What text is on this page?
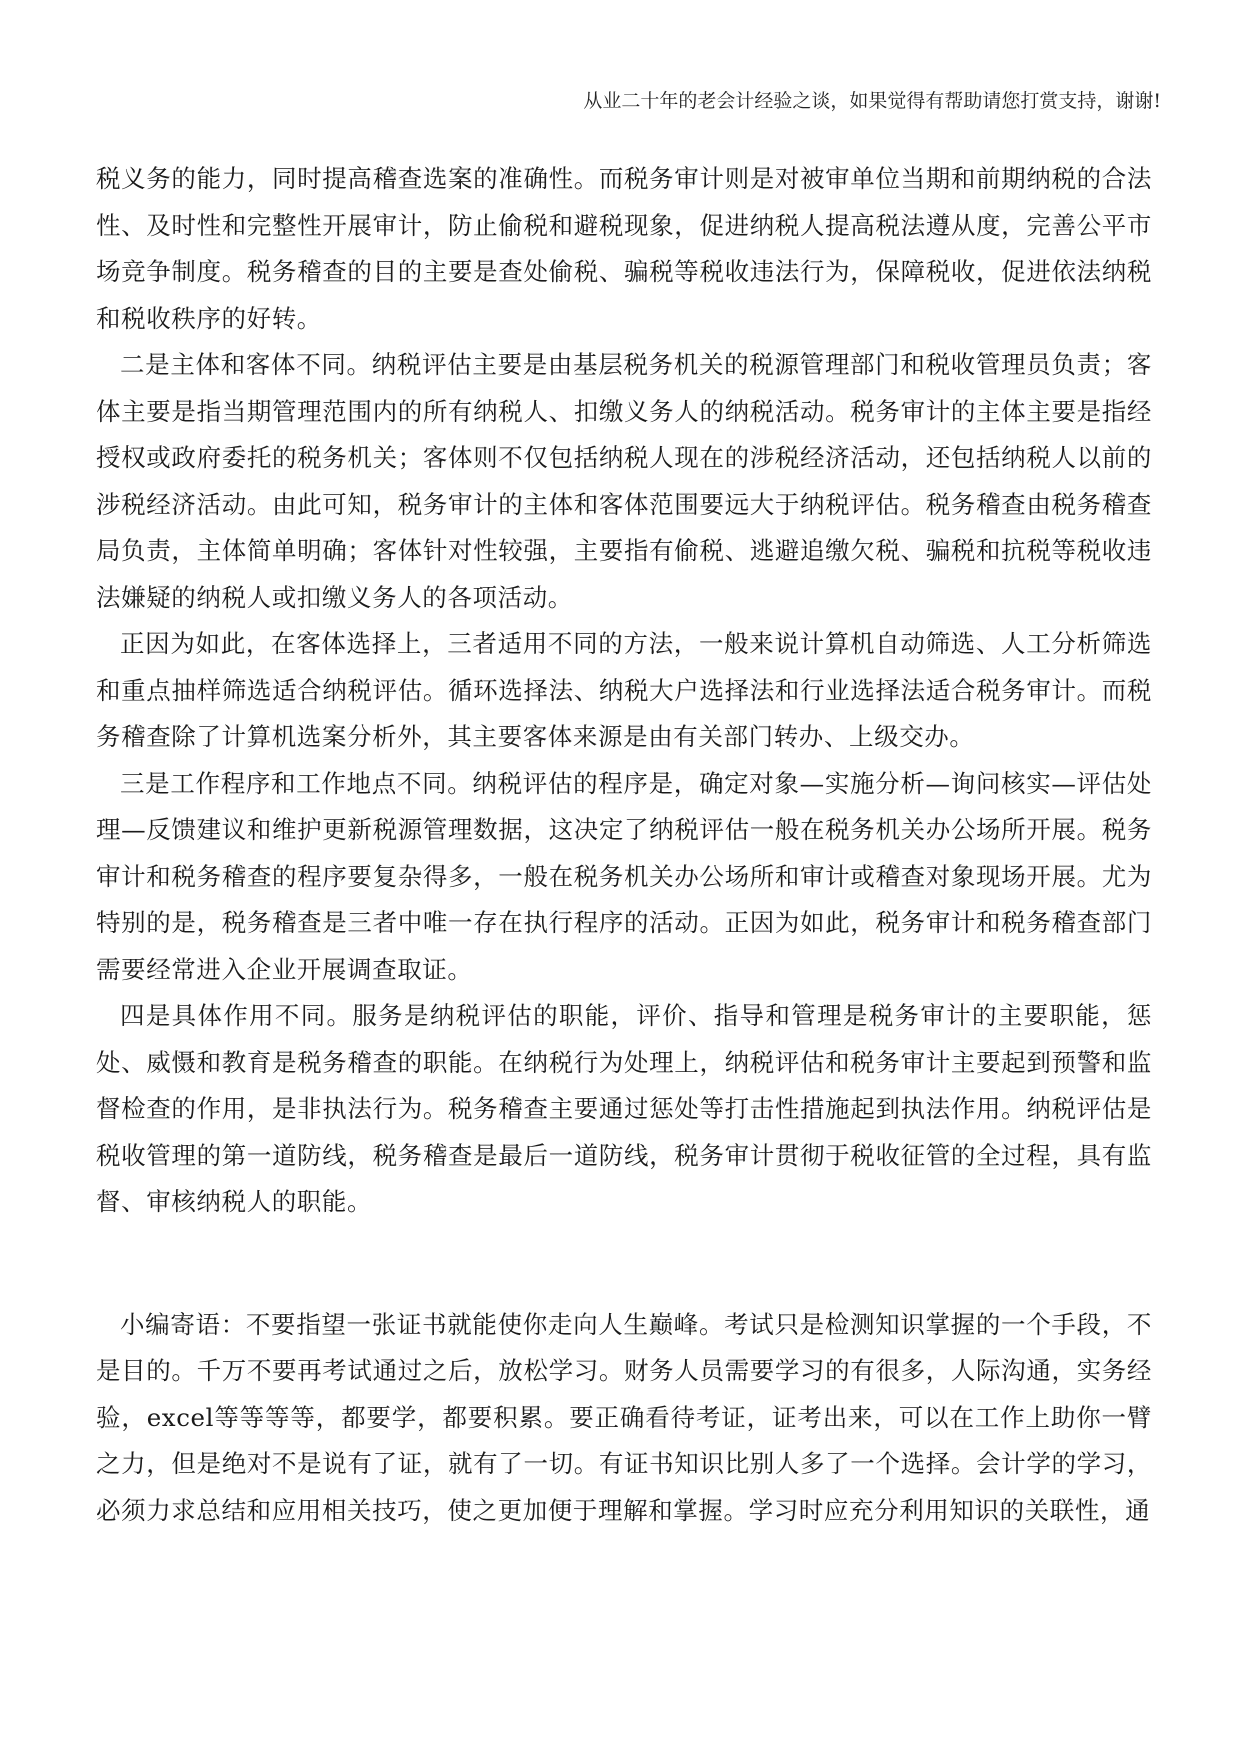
从业二十年的老会计经验之谈，如果觉得有帮助请您打赏支持，谢谢!

税义务的能力，同时提高稽查选案的准确性。而税务审计则是对被审单位当期和前期纳税的合法性、及时性和完整性开展审计，防止偷税和避税现象，促进纳税人提高税法遵从度，完善公平市场竞争制度。税务稽查的目的主要是查处偷税、骗税等税收违法行为，保障税收，促进依法纳税和税收秩序的好转。

二是主体和客体不同。纳税评估主要是由基层税务机关的税源管理部门和税收管理员负责；客体主要是指当期管理范围内的所有纳税人、扣缴义务人的纳税活动。税务审计的主体主要是指经授权或政府委托的税务机关；客体则不仅包括纳税人现在的涉税经济活动，还包括纳税人以前的涉税经济活动。由此可知，税务审计的主体和客体范围要远大于纳税评估。税务稽查由税务稽查局负责，主体简单明确；客体针对性较强，主要指有偷税、逃避追缴欠税、骗税和抗税等税收违法嫌疑的纳税人或扣缴义务人的各项活动。

正因为如此，在客体选择上，三者适用不同的方法，一般来说计算机自动筛选、人工分析筛选和重点抽样筛选适合纳税评估。循环选择法、纳税大户选择法和行业选择法适合税务审计。而税务稽查除了计算机选案分析外，其主要客体来源是由有关部门转办、上级交办。

三是工作程序和工作地点不同。纳税评估的程序是，确定对象—实施分析—询问核实—评估处理—反馈建议和维护更新税源管理数据，这决定了纳税评估一般在税务机关办公场所开展。税务审计和税务稽查的程序要复杂得多，一般在税务机关办公场所和审计或稽查对象现场开展。尤为特别的是，税务稽查是三者中唯一存在执行程序的活动。正因为如此，税务审计和税务稽查部门需要经常进入企业开展调查取证。

四是具体作用不同。服务是纳税评估的职能，评价、指导和管理是税务审计的主要职能，惩处、威慑和教育是税务稽查的职能。在纳税行为处理上，纳税评估和税务审计主要起到预警和监督检查的作用，是非执法行为。税务稽查主要通过惩处等打击性措施起到执法作用。纳税评估是税收管理的第一道防线，税务稽查是最后一道防线，税务审计贯彻于税收征管的全过程，具有监督、审核纳税人的职能。

小编寄语：不要指望一张证书就能使你走向人生巅峰。考试只是检测知识掌握的一个手段，不是目的。千万不要再考试通过之后，放松学习。财务人员需要学习的有很多，人际沟通，实务经验，excel等等等等，都要学，都要积累。要正确看待考证，证考出来，可以在工作上助你一臂之力，但是绝对不是说有了证，就有了一切。有证书知识比别人多了一个选择。会计学的学习，必须力求总结和应用相关技巧，使之更加便于理解和掌握。学习时应充分利用知识的关联性，通
